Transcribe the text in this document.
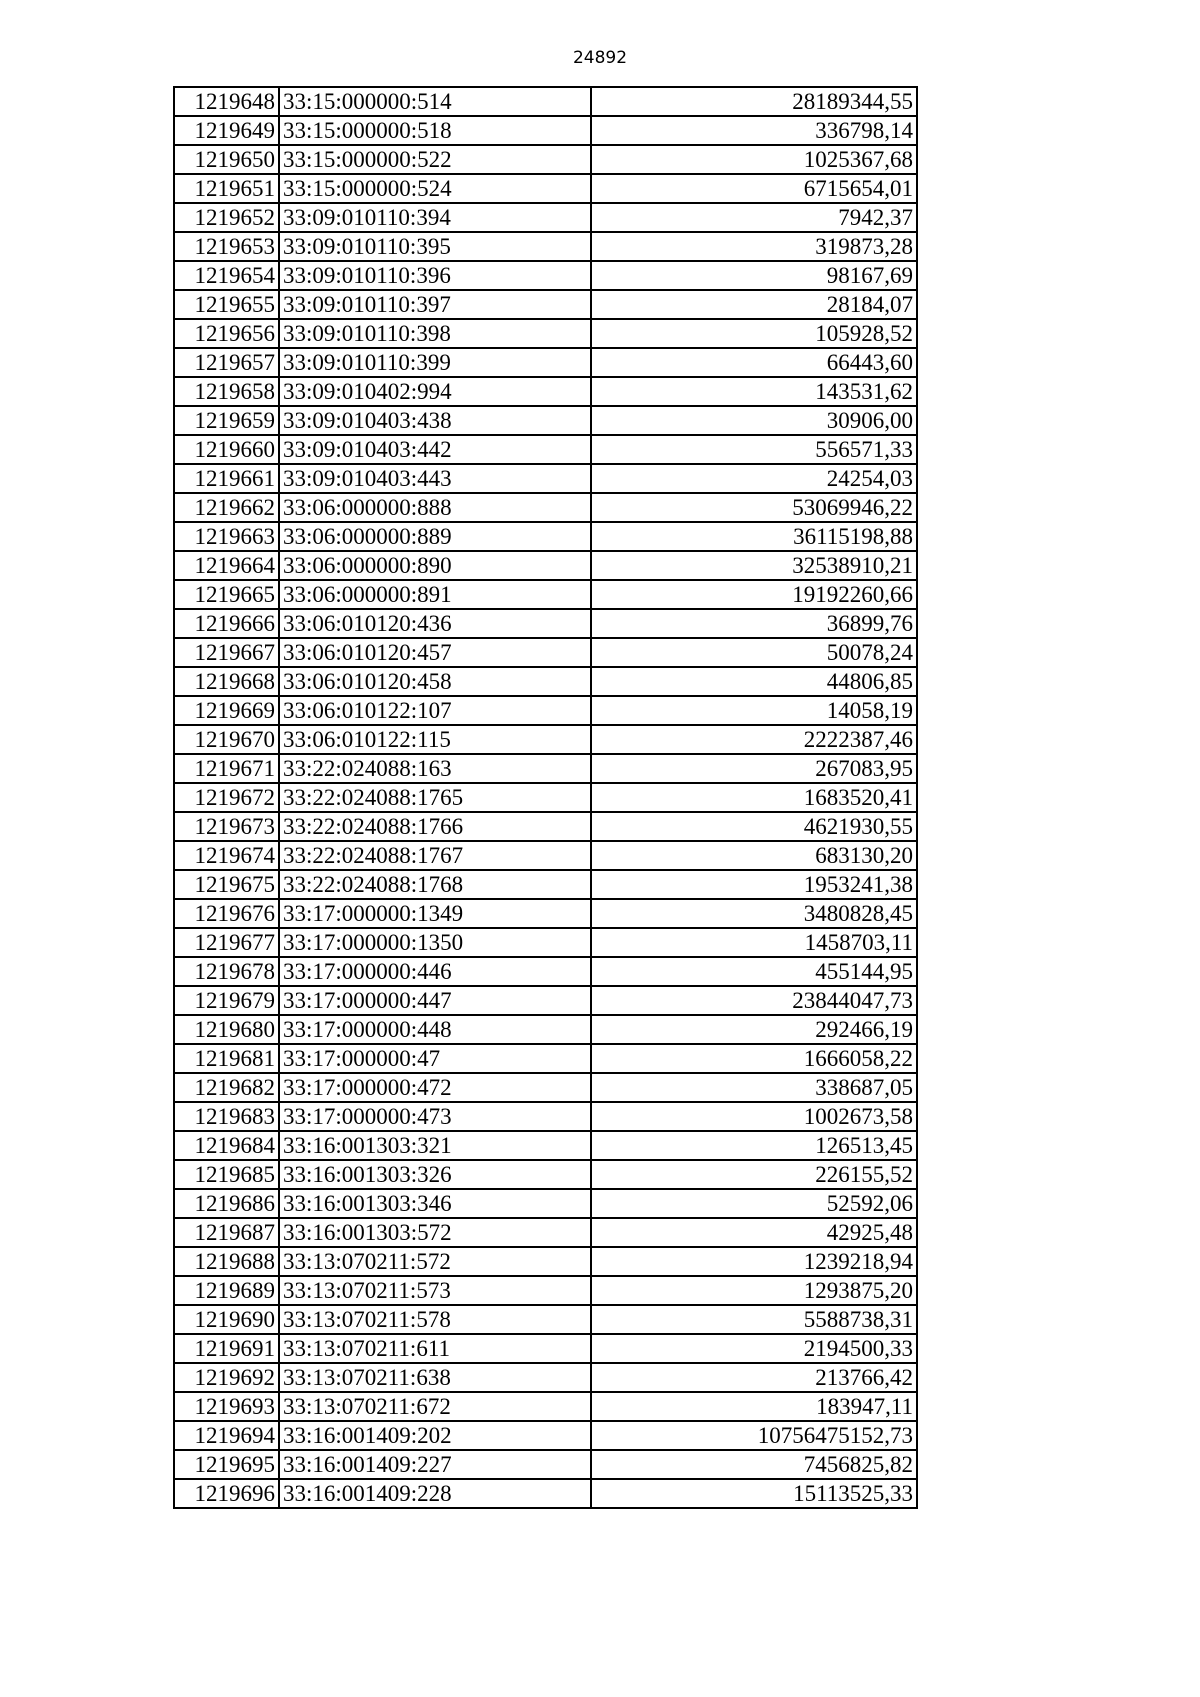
24892
1219648	33:15:000000:514	28189344,55
1219649	33:15:000000:518	336798,14
1219650	33:15:000000:522	1025367,68
1219651	33:15:000000:524	6715654,01
1219652	33:09:010110:394	7942,37
1219653	33:09:010110:395	319873,28
1219654	33:09:010110:396	98167,69
1219655	33:09:010110:397	28184,07
1219656	33:09:010110:398	105928,52
1219657	33:09:010110:399	66443,60
1219658	33:09:010402:994	143531,62
1219659	33:09:010403:438	30906,00
1219660	33:09:010403:442	556571,33
1219661	33:09:010403:443	24254,03
1219662	33:06:000000:888	53069946,22
1219663	33:06:000000:889	36115198,88
1219664	33:06:000000:890	32538910,21
1219665	33:06:000000:891	19192260,66
1219666	33:06:010120:436	36899,76
1219667	33:06:010120:457	50078,24
1219668	33:06:010120:458	44806,85
1219669	33:06:010122:107	14058,19
1219670	33:06:010122:115	2222387,46
1219671	33:22:024088:163	267083,95
1219672	33:22:024088:1765	1683520,41
1219673	33:22:024088:1766	4621930,55
1219674	33:22:024088:1767	683130,20
1219675	33:22:024088:1768	1953241,38
1219676	33:17:000000:1349	3480828,45
1219677	33:17:000000:1350	1458703,11
1219678	33:17:000000:446	455144,95
1219679	33:17:000000:447	23844047,73
1219680	33:17:000000:448	292466,19
1219681	33:17:000000:47	1666058,22
1219682	33:17:000000:472	338687,05
1219683	33:17:000000:473	1002673,58
1219684	33:16:001303:321	126513,45
1219685	33:16:001303:326	226155,52
1219686	33:16:001303:346	52592,06
1219687	33:16:001303:572	42925,48
1219688	33:13:070211:572	1239218,94
1219689	33:13:070211:573	1293875,20
1219690	33:13:070211:578	5588738,31
1219691	33:13:070211:611	2194500,33
1219692	33:13:070211:638	213766,42
1219693	33:13:070211:672	183947,11
1219694	33:16:001409:202	10756475152,73
1219695	33:16:001409:227	7456825,82
1219696	33:16:001409:228	15113525,33
